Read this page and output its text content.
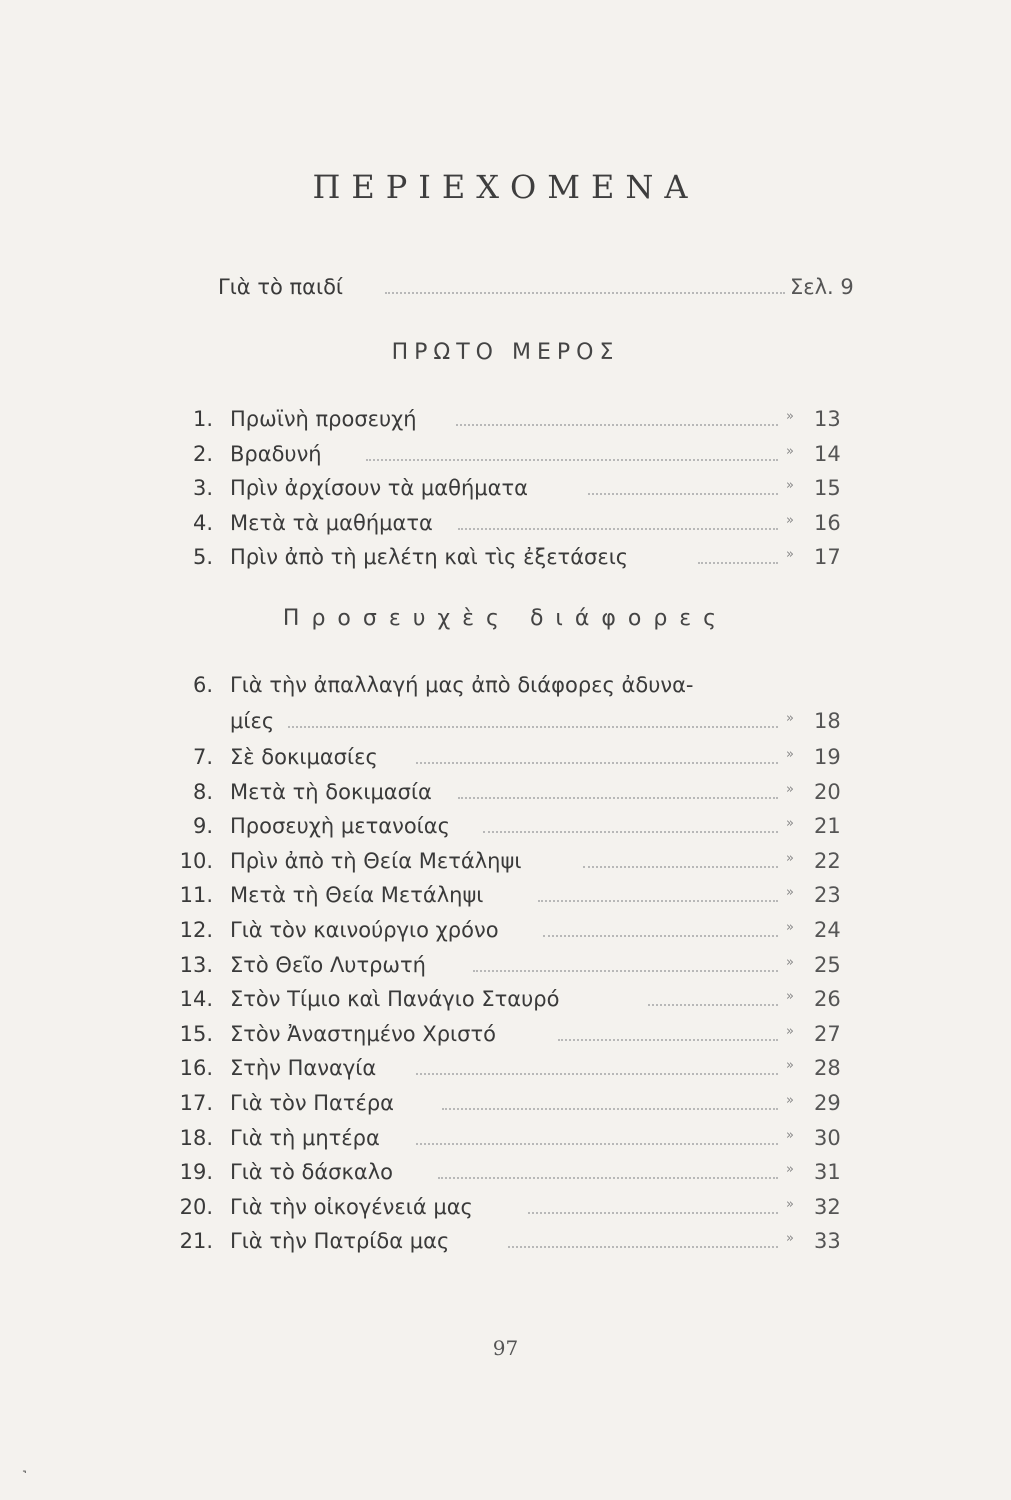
ΠΕΡΙΕΧΟΜΕΝΑ
Γιὰ τὸ παιδί	Σελ. 9
ΠΡΩΤΟ ΜΕΡΟΣ
1. Πρωϊνὴ προσευχή	» 13
2. Βραδυνή	» 14
3. Πρὶν ἀρχίσουν τὰ μαθήματα	» 15
4. Μετὰ τὰ μαθήματα	» 16
5. Πρὶν ἀπὸ τὴ μελέτη καὶ τὶς ἐξετάσεις	» 17
Προσευχὲς διάφορες
6. Γιὰ τὴν ἀπαλλαγή μας ἀπὸ διάφορες ἀδυνα-
μίες	» 18
7. Σὲ δοκιμασίες	» 19
8. Μετὰ τὴ δοκιμασία	» 20
9. Προσευχὴ μετανοίας	» 21
10. Πρὶν ἀπὸ τὴ Θεία Μετάληψι	» 22
11. Μετὰ τὴ Θεία Μετάληψι	» 23
12. Γιὰ τὸν καινούργιο χρόνο	» 24
13. Στὸ Θεῖο Λυτρωτή	» 25
14. Στὸν Τίμιο καὶ Πανάγιο Σταυρό	» 26
15. Στὸν Ἀναστημένο Χριστό	» 27
16. Στὴν Παναγία	» 28
17. Γιὰ τὸν Πατέρα	» 29
18. Γιὰ τὴ μητέρα	» 30
19. Γιὰ τὸ δάσκαλο	» 31
20. Γιὰ τὴν οἰκογένειά μας	» 32
21. Γιὰ τὴν Πατρίδα μας	» 33
97
˺
